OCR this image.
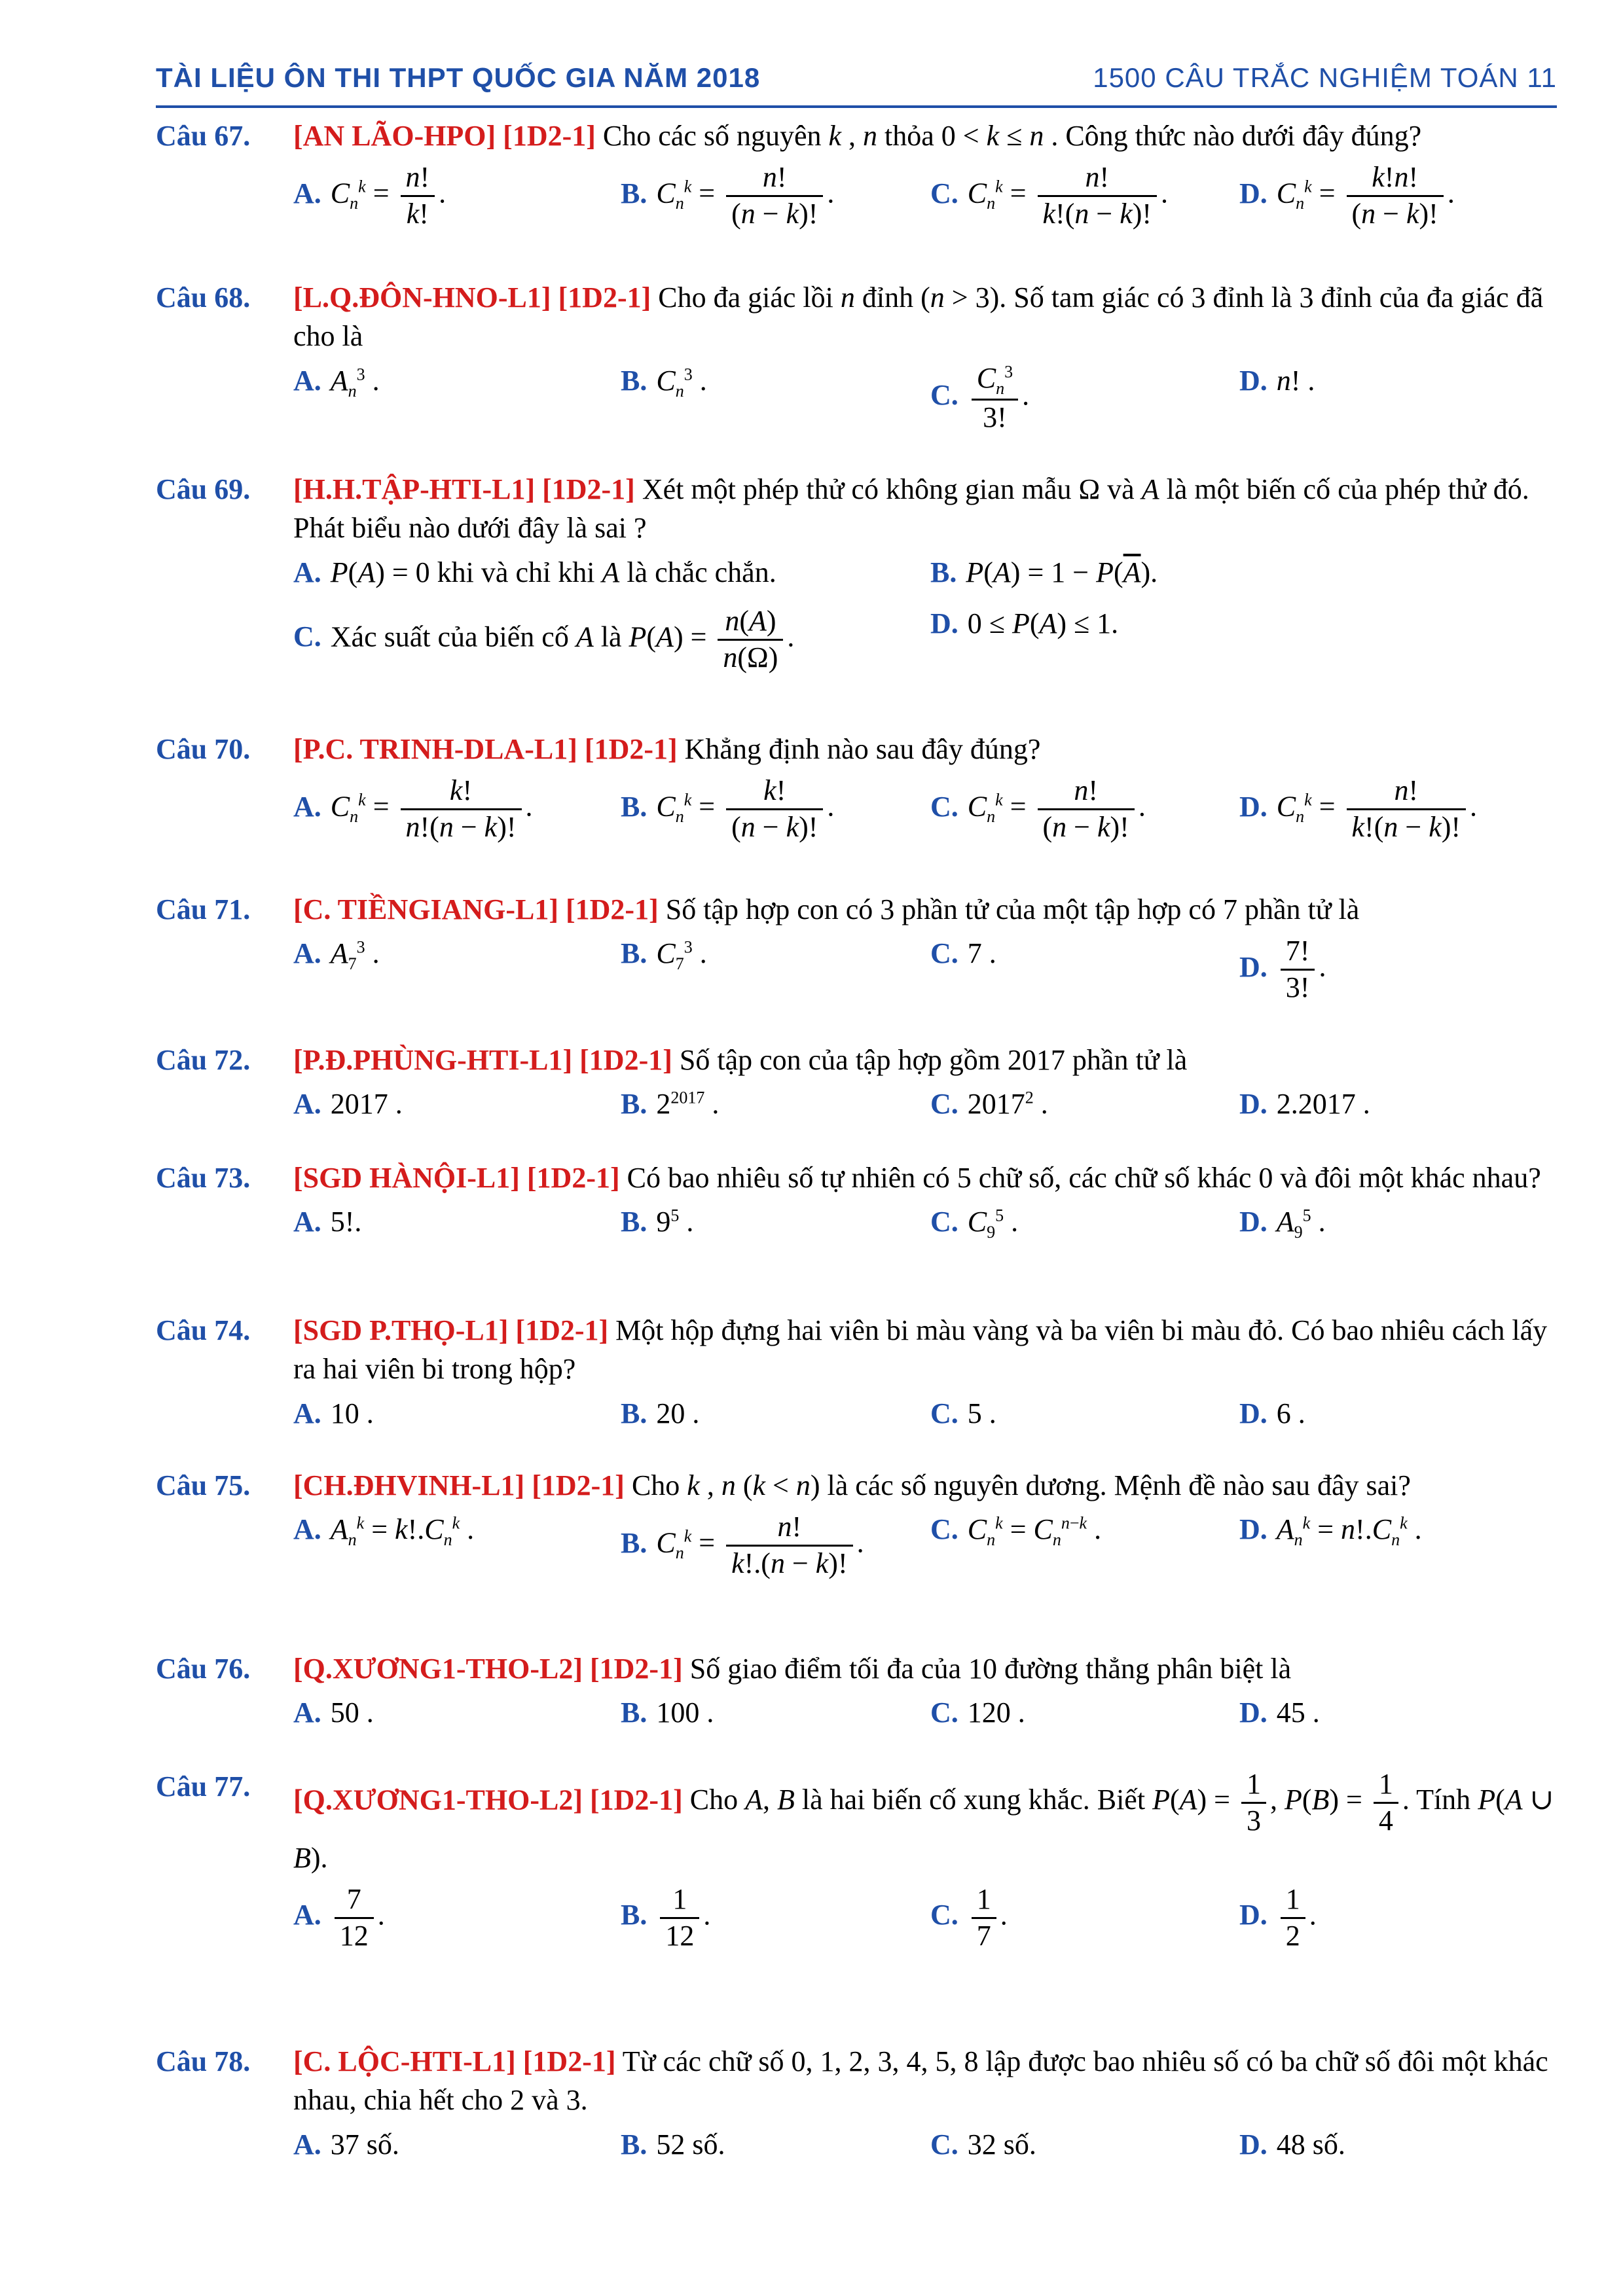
TÀI LIỆU ÔN THI THPT QUỐC GIA NĂM 2018	1500 CÂU TRẮC NGHIỆM TOÁN 11
Câu 67. [AN LÃO-HPO] [1D2-1] Cho các số nguyên k , n thỏa 0 < k ≤ n . Công thức nào dưới đây đúng?
A. $C_n^k = \frac{n!}{k!}$ .	B. $C_n^k = \frac{n!}{(n - k)!}$ .	C. $C_n^k = \frac{n!}{k!(n - k)!}$ . D. $C_n^k = \frac{k!n!}{(n - k)!}$ .
Câu 68. [L.Q.ĐÔN-HNO-L1] [1D2-1] Cho đa giác lồi n đỉnh (n > 3). Số tam giác có 3 đỉnh là 3 đỉnh của đa giác đã cho là
A. $A_n^3$ .	B. $C_n^3$ .	C. $\frac{C_n^3}{3!}$ .	D. n! .
Câu 69. [H.H.TẬP-HTI-L1] [1D2-1] Xét một phép thử có không gian mẫu Ω và A là một biến cố của phép thử đó. Phát biểu nào dưới đây là sai ?
A. P(A) = 0 khi và chỉ khi A là chắc chắn.	B. $P(A) = 1 - P(\overline{A})$.
C. Xác suất của biến cố A là $P(A) = \frac{n(A)}{n(\Omega)}$ .	D. 0 ≤ P(A) ≤ 1.
Câu 70. [P.C. TRINH-DLA-L1] [1D2-1] Khẳng định nào sau đây đúng?
A. $C_n^k = \frac{k!}{n!(n - k)!}$ .	B. $C_n^k = \frac{k!}{(n - k)!}$ .	C. $C_n^k = \frac{n!}{(n - k)!}$ .	D. $C_n^k = \frac{n!}{k!(n - k)!}$ .
Câu 71. [C. TIỀNGIANG-L1] [1D2-1] Số tập hợp con có 3 phần tử của một tập hợp có 7 phần tử là
A. $A_7^3$ .	B. $C_7^3$ .	C. 7 .	D. $\frac{7!}{3!}$ .
Câu 72. [P.Đ.PHÙNG-HTI-L1] [1D2-1] Số tập con của tập hợp gồm 2017 phần tử là
A. 2017 .	B. $2^{2017}$ .	C. 2017$^2$ .	D. 2.2017 .
Câu 73. [SGD HÀNỘI-L1] [1D2-1] Có bao nhiêu số tự nhiên có 5 chữ số, các chữ số khác 0 và đôi một khác nhau?
A. 5!.	B. $9^5$ .	C. $C_9^5$ .	D. $A_9^5$ .
Câu 74. [SGD P.THỌ-L1] [1D2-1] Một hộp đựng hai viên bi màu vàng và ba viên bi màu đỏ. Có bao nhiêu cách lấy ra hai viên bi trong hộp?
A. 10 .	B. 20 .	C. 5 .	D. 6 .
Câu 75. [CH.ĐHVINH-L1] [1D2-1] Cho k , n (k < n) là các số nguyên dương. Mệnh đề nào sau đây sai?
A. $A_n^k = k!.C_n^k$ .	B. $C_n^k = \frac{n!}{k!.(n - k)!}$ . C. $C_n^k = C_n^{n-k}$ .	D. $A_n^k = n!.C_n^k$ .
Câu 76. [Q.XƯƠNG1-THO-L2] [1D2-1] Số giao điểm tối đa của 10 đường thẳng phân biệt là
A. 50 .	B. 100 .	C. 120 .	D. 45 .
Câu 77. [Q.XƯƠNG1-THO-L2] [1D2-1] Cho A, B là hai biến cố xung khắc. Biết $P(A) = \frac{1}{3}$ , $P(B) = \frac{1}{4}$ . Tính P(A ∪ B).
A. $\frac{7}{12}$ .	B. $\frac{1}{12}$ .	C. $\frac{1}{7}$ .	D. $\frac{1}{2}$ .
Câu 78. [C. LỘC-HTI-L1] [1D2-1] Từ các chữ số 0, 1, 2, 3, 4, 5, 8 lập được bao nhiêu số có ba chữ số đôi một khác nhau, chia hết cho 2 và 3.
A. 37 số.	B. 52 số.	C. 32 số.	D. 48 số.
